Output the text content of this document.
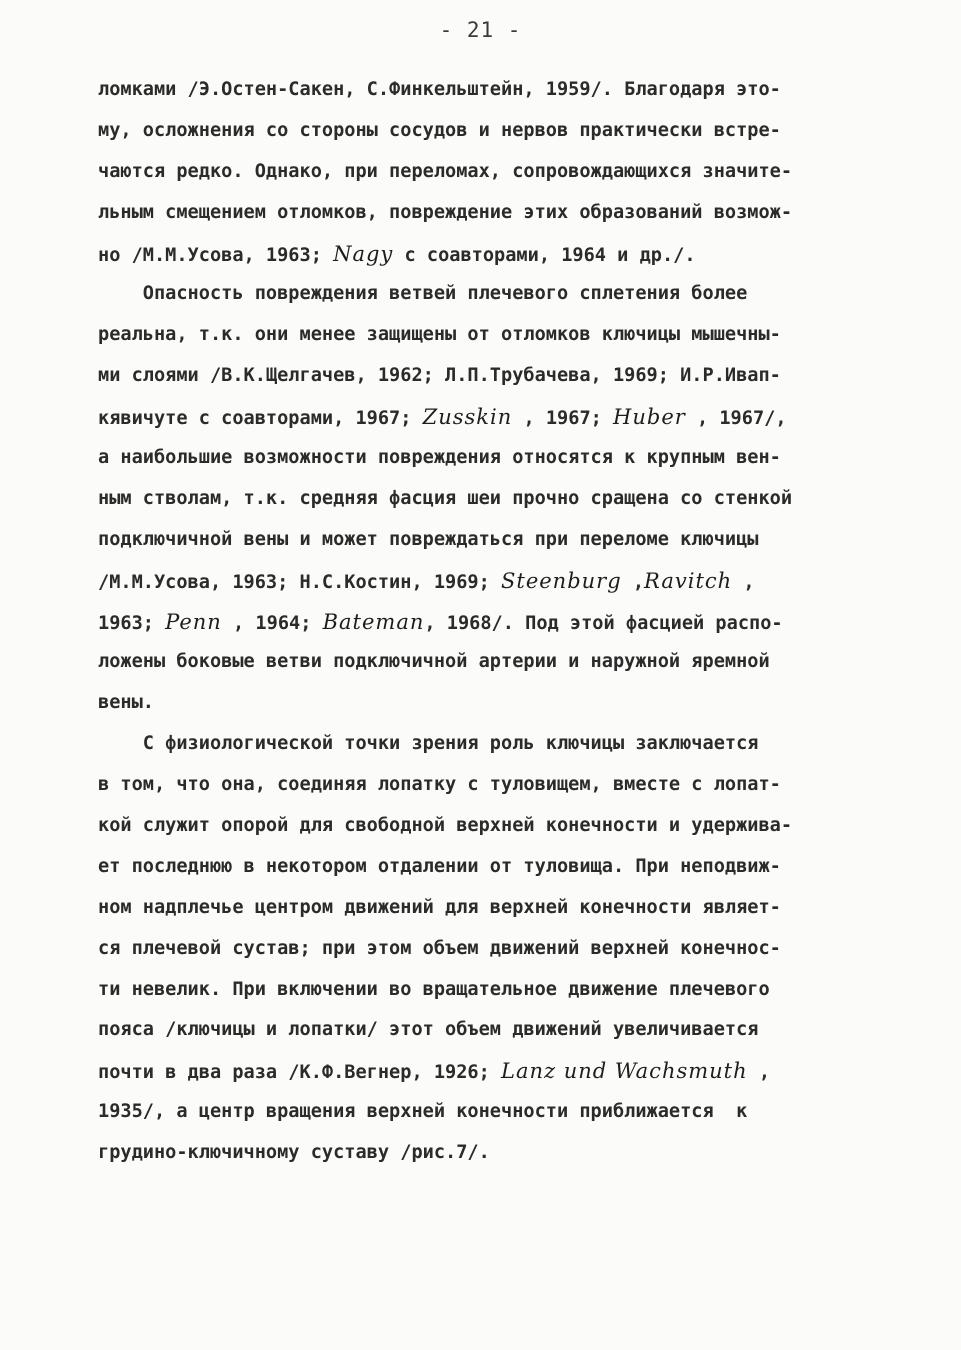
- 21 -
ломками /Э.Остен-Сакен, С.Финкельштейн, 1959/. Благодаря это-
му, осложнения со стороны сосудов и нервов практически встре-
чаются редко. Однако, при переломах, сопровождающихся значите-
льным смещением отломков, повреждение этих образований возмож-
но /М.М.Усова, 1963; Nagy с соавторами, 1964 и др./.
Опасность повреждения ветвей плечевого сплетения более
реальна, т.к. они менее защищены от отломков ключицы мышечны-
ми слоями /В.К.Щелгачев, 1962; Л.П.Трубачева, 1969; И.Р.Ивап-
кявичуте с соавторами, 1967; Zusskin , 1967; Huber , 1967/,
а наибольшие возможности повреждения относятся к крупным вен-
ным стволам, т.к. средняя фасция шеи прочно сращена со стенкой
подключичной вены и может повреждаться при переломе ключицы
/М.М.Усова, 1963; Н.С.Костин, 1969; Steenburg ,Ravitch ,
1963; Penn , 1964; Bateman, 1968/. Под этой фасцией распо-
ложены боковые ветви подключичной артерии и наружной яремной
вены.
С физиологической точки зрения роль ключицы заключается
в том, что она, соединяя лопатку с туловищем, вместе с лопат-
кой служит опорой для свободной верхней конечности и удержива-
ет последнюю в некотором отдалении от туловища. При неподвиж-
ном надплечье центром движений для верхней конечности являет-
ся плечевой сустав; при этом объем движений верхней конечнос-
ти невелик. При включении во вращательное движение плечевого
пояса /ключицы и лопатки/ этот объем движений увеличивается
почти в два раза /К.Ф.Вегнер, 1926; Lanz und Wachsmuth ,
1935/, а центр вращения верхней конечности приближается  к
грудино-ключичному суставу /рис.7/.
